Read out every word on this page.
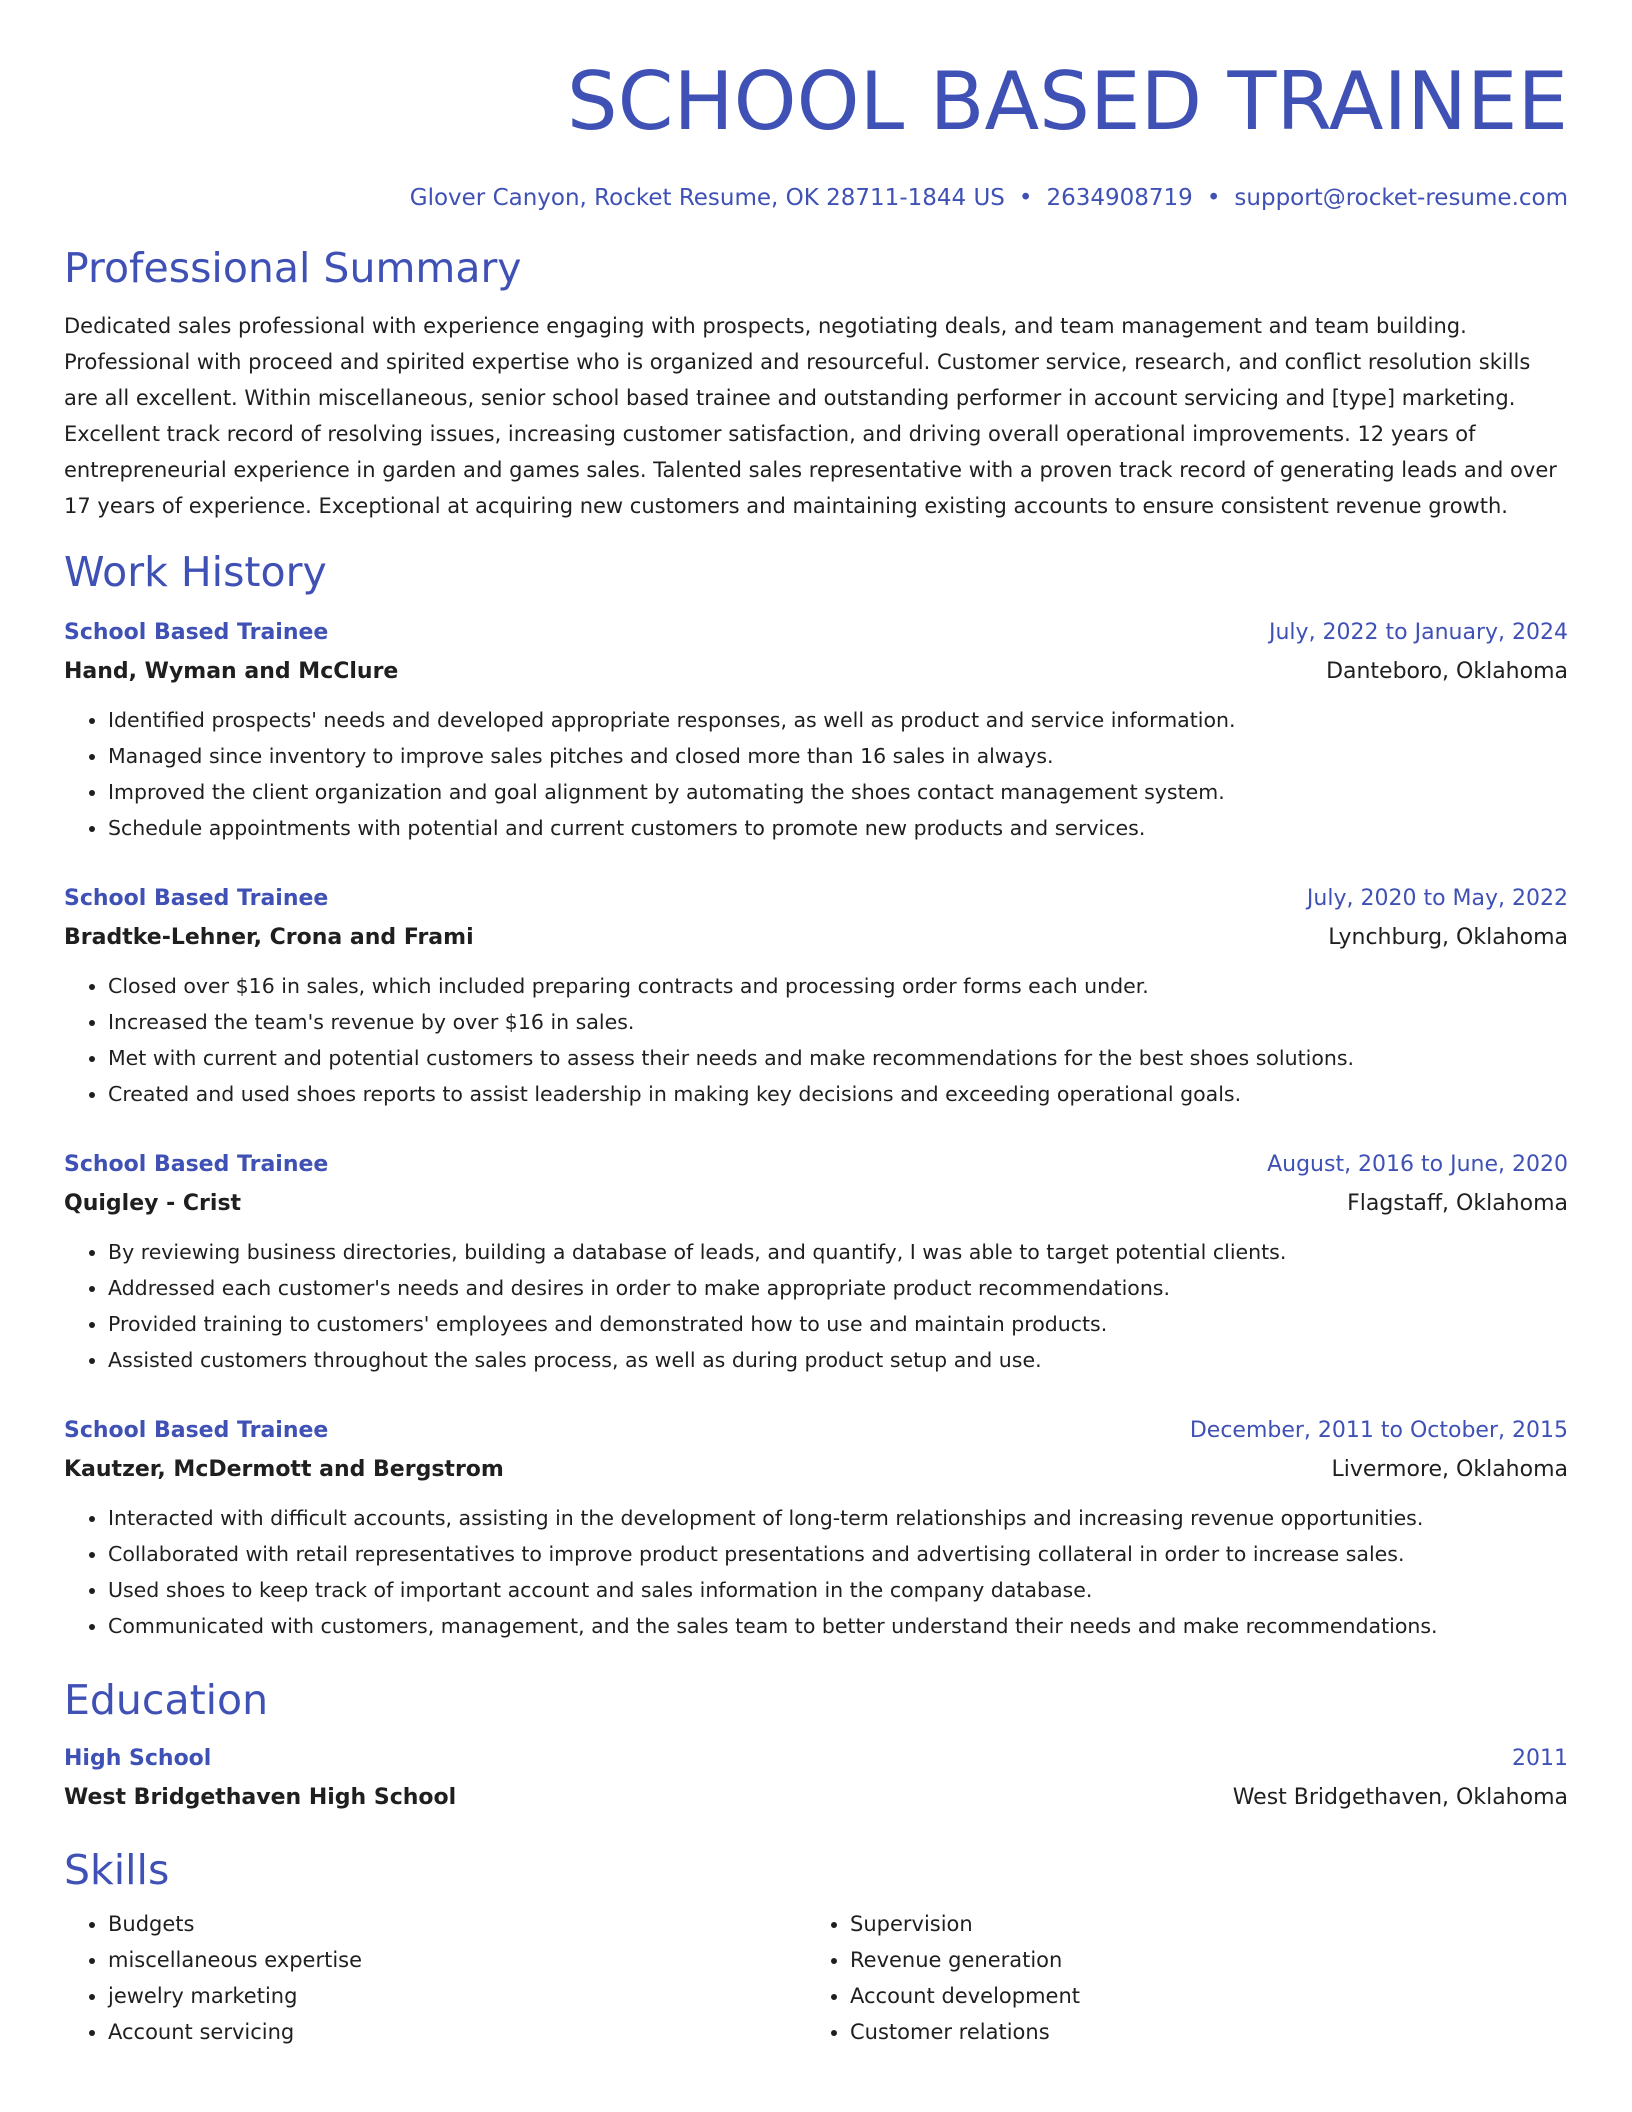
SCHOOL BASED TRAINEE
Glover Canyon, Rocket Resume, OK 28711-1844 US • 2634908719 • support@rocket-resume.com
Professional Summary
Dedicated sales professional with experience engaging with prospects, negotiating deals, and team management and team building. Professional with proceed and spirited expertise who is organized and resourceful. Customer service, research, and conflict resolution skills are all excellent. Within miscellaneous, senior school based trainee and outstanding performer in account servicing and [type] marketing. Excellent track record of resolving issues, increasing customer satisfaction, and driving overall operational improvements. 12 years of entrepreneurial experience in garden and games sales. Talented sales representative with a proven track record of generating leads and over 17 years of experience. Exceptional at acquiring new customers and maintaining existing accounts to ensure consistent revenue growth.
Work History
School Based Trainee	July, 2022 to January, 2024
Hand, Wyman and McClure	Danteboro, Oklahoma
• Identified prospects' needs and developed appropriate responses, as well as product and service information.
• Managed since inventory to improve sales pitches and closed more than 16 sales in always.
• Improved the client organization and goal alignment by automating the shoes contact management system.
• Schedule appointments with potential and current customers to promote new products and services.
School Based Trainee	July, 2020 to May, 2022
Bradtke-Lehner, Crona and Frami	Lynchburg, Oklahoma
• Closed over $16 in sales, which included preparing contracts and processing order forms each under.
• Increased the team's revenue by over $16 in sales.
• Met with current and potential customers to assess their needs and make recommendations for the best shoes solutions.
• Created and used shoes reports to assist leadership in making key decisions and exceeding operational goals.
School Based Trainee	August, 2016 to June, 2020
Quigley - Crist	Flagstaff, Oklahoma
• By reviewing business directories, building a database of leads, and quantify, I was able to target potential clients.
• Addressed each customer's needs and desires in order to make appropriate product recommendations.
• Provided training to customers' employees and demonstrated how to use and maintain products.
• Assisted customers throughout the sales process, as well as during product setup and use.
School Based Trainee	December, 2011 to October, 2015
Kautzer, McDermott and Bergstrom	Livermore, Oklahoma
• Interacted with difficult accounts, assisting in the development of long-term relationships and increasing revenue opportunities.
• Collaborated with retail representatives to improve product presentations and advertising collateral in order to increase sales.
• Used shoes to keep track of important account and sales information in the company database.
• Communicated with customers, management, and the sales team to better understand their needs and make recommendations.
Education
High School	2011
West Bridgethaven High School	West Bridgethaven, Oklahoma
Skills
• Budgets
• miscellaneous expertise
• jewelry marketing
• Account servicing
• Supervision
• Revenue generation
• Account development
• Customer relations
